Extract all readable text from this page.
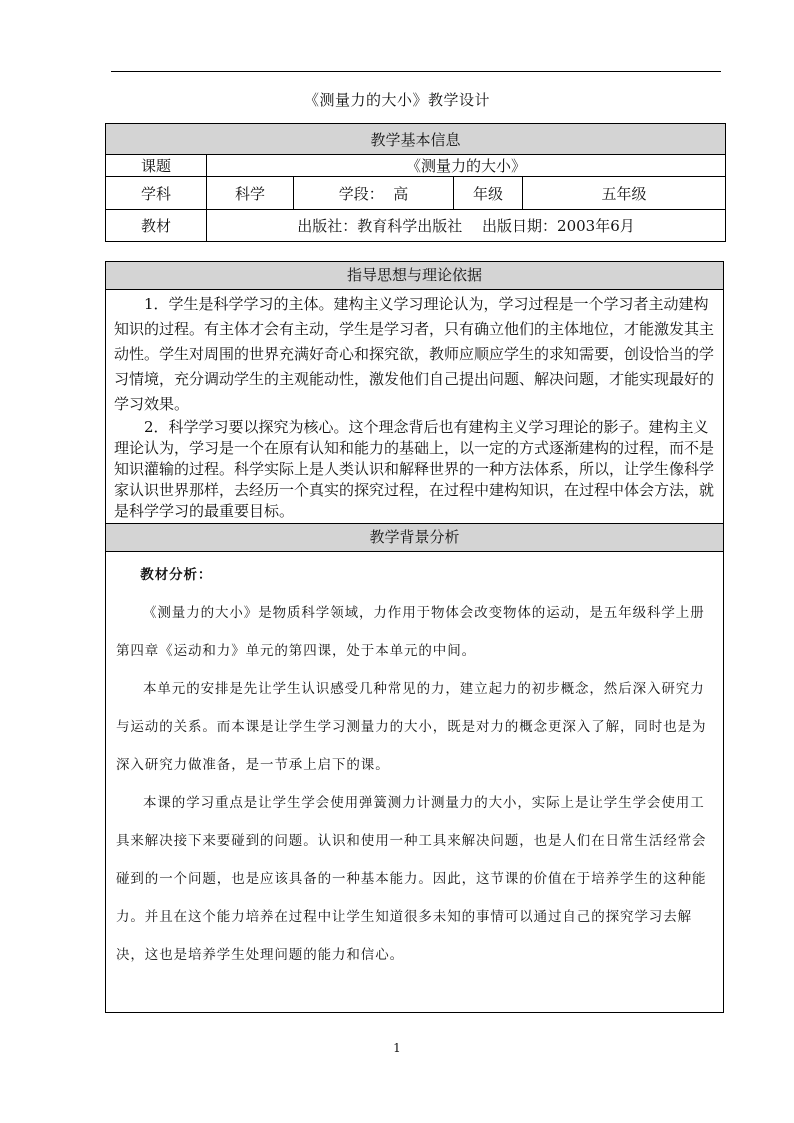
《测量力的大小》教学设计
教学基本信息				
课题	《测量力的大小》			
学科	科学	学段： 高	年级	五年级
教材	出版社：教育科学出版社　 出版日期：2003年6月			
指导思想与理论依据

1．学生是科学学习的主体。建构主义学习理论认为，学习过程是一个学习者主动建构知识的过程。有主体才会有主动，学生是学习者，只有确立他们的主体地位，才能激发其主动性。学生对周围的世界充满好奇心和探究欲，教师应顺应学生的求知需要，创设恰当的学习情境，充分调动学生的主观能动性，激发他们自己提出问题、解决问题，才能实现最好的学习效果。

2．科学学习要以探究为核心。这个理念背后也有建构主义学习理论的影子。建构主义理论认为，学习是一个在原有认知和能力的基础上，以一定的方式逐渐建构的过程，而不是知识灌输的过程。科学实际上是人类认识和解释世界的一种方法体系，所以，让学生像科学家认识世界那样，去经历一个真实的探究过程，在过程中建构知识，在过程中体会方法，就是科学学习的最重要目标。

教学背景分析

教材分析：

《测量力的大小》是物质科学领域，力作用于物体会改变物体的运动，是五年级科学上册第四章《运动和力》单元的第四课，处于本单元的中间。

本单元的安排是先让学生认识感受几种常见的力，建立起力的初步概念，然后深入研究力与运动的关系。而本课是让学生学习测量力的大小，既是对力的概念更深入了解，同时也是为深入研究力做准备，是一节承上启下的课。

本课的学习重点是让学生学会使用弹簧测力计测量力的大小，实际上是让学生学会使用工具来解决接下来要碰到的问题。认识和使用一种工具来解决问题，也是人们在日常生活经常会碰到的一个问题，也是应该具备的一种基本能力。因此，这节课的价值在于培养学生的这种能力。并且在这个能力培养在过程中让学生知道很多未知的事情可以通过自己的探究学习去解决，这也是培养学生处理问题的能力和信心。

1
